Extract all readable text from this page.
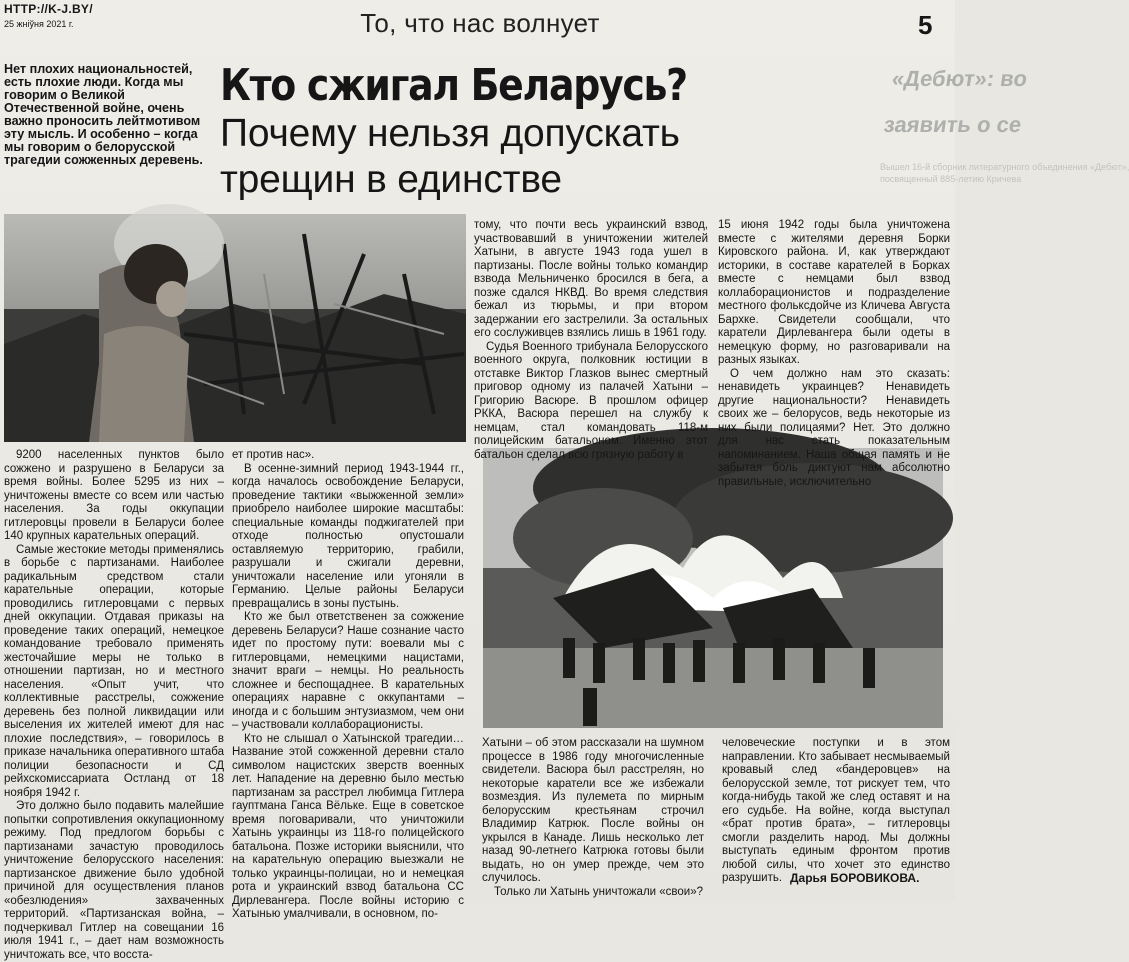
HTTP://K-J.BY/
25 жніўня 2021 г.	То, что нас волнует	5
«Дебют»: во
заявить о се
Вышел 16-й сборник литературного объединения «Дебют»,
посвященный 885-летию Кричева
Нет плохих национальностей, есть плохие люди. Когда мы говорим о Великой Отечественной войне, очень важно проносить лейтмотивом эту мысль. И особенно – когда мы говорим о белорусской трагедии сожженных деревень.
Кто сжигал Беларусь?
Почему нельзя допускать
трещин в единстве

9200 населенных пунктов было сожжено и разрушено в Беларуси за время войны. Более 5295 из них – уничтожены вместе со всем или частью населения. За годы оккупации гитлеровцы провели в Беларуси более 140 крупных карательных операций.

Самые жестокие методы применялись в борьбе с партизанами. Наиболее радикальным средством стали карательные операции, которые проводились гитлеровцами с первых дней оккупации. Отдавая приказы на проведение таких операций, немецкое командование требовало применять жесточайшие меры не только в отношении партизан, но и местного населения. «Опыт учит, что коллективные расстрелы, сожжение деревень без полной ликвидации или выселения их жителей имеют для нас плохие последствия», – говорилось в приказе начальника оперативного штаба полиции безопасности и СД рейхскомиссариата Остланд от 18 ноября 1942 г.

Это должно было подавить малейшие попытки сопротивления оккупационному режиму. Под предлогом борьбы с партизанами зачастую проводилось уничтожение белорусского населения: партизанское движение было удобной причиной для осуществления планов «обезлюдения» захваченных территорий. «Партизанская война, – подчеркивал Гитлер на совещании 16 июля 1941 г., – дает нам возможность уничтожать все, что восста-

ет против нас».

В осенне-зимний период 1943-1944 гг., когда началось освобождение Беларуси, проведение тактики «выжженной земли» приобрело наиболее широкие масштабы: специальные команды поджигателей при отходе полностью опустошали оставляемую территорию, грабили, разрушали и сжигали деревни, уничтожали население или угоняли в Германию. Целые районы Беларуси превращались в зоны пустынь.

Кто же был ответственен за сожжение деревень Беларуси? Наше сознание часто идет по простому пути: воевали мы с гитлеровцами, немецкими нацистами, значит враги – немцы. Но реальность сложнее и беспощаднее. В карательных операциях наравне с оккупантами – иногда и с большим энтузиазмом, чем они – участвовали коллаборационисты.

Кто не слышал о Хатынской трагедии… Название этой сожженной деревни стало символом нацистских зверств военных лет. Нападение на деревню было местью партизанам за расстрел любимца Гитлера гауптмана Ганса Вёльке. Еще в советское время поговаривали, что уничтожили Хатынь украинцы из 118-го полицейского батальона. Позже историки выяснили, что на карательную операцию выезжали не только украинцы-полицаи, но и немецкая рота и украинский взвод батальона СС Дирлевангера. После войны историю с Хатынью умалчивали, в основном, по-

тому, что почти весь украинский взвод, участвовавший в уничтожении жителей Хатыни, в августе 1943 года ушел в партизаны. После войны только командир взвода Мельниченко бросился в бега, а позже сдался НКВД. Во время следствия бежал из тюрьмы, и при втором задержании его застрелили. За остальных его сослуживцев взялись лишь в 1961 году.

Судья Военного трибунала Белорусского военного округа, полковник юстиции в отставке Виктор Глазков вынес смертный приговор одному из палачей Хатыни – Григорию Васюре. В прошлом офицер РККА, Васюра перешел на службу к немцам, стал командовать 118-м полицейским батальоном. Именно этот батальон сделал всю грязную работу в

15 июня 1942 годы была уничтожена вместе с жителями деревня Борки Кировского района. И, как утверждают историки, в составе карателей в Борках вместе с немцами был взвод коллаборационистов и подразделение местного фольксдойче из Кличева Августа Бархке. Свидетели сообщали, что каратели Дирлевангера были одеты в немецкую форму, но разговаривали на разных языках.

О чем должно нам это сказать: ненавидеть украинцев? Ненавидеть другие национальности? Ненавидеть своих же – белорусов, ведь некоторые из них были полицаями? Нет. Это должно для нас стать показательным напоминанием. Наша общая память и не забытая боль диктуют нам абсолютно правильные, исключительно

Хатыни – об этом рассказали на шумном процессе в 1986 году многочисленные свидетели. Васюра был расстрелян, но некоторые каратели все же избежали возмездия. Из пулемета по мирным белорусским крестьянам строчил Владимир Катрюк. После войны он укрылся в Канаде. Лишь несколько лет назад 90-летнего Катрюка готовы были выдать, но он умер прежде, чем это случилось.

Только ли Хатынь уничтожали «свои»?

человеческие поступки и в этом направлении. Кто забывает несмываемый кровавый след «бандеровцев» на белорусской земле, тот рискует тем, что когда-нибудь такой же след оставят и на его судьбе. На войне, когда выступал «брат против брата», – гитлеровцы смогли разделить народ. Мы должны выступать единым фронтом против любой силы, что хочет это единство разрушить. Дарья БОРОВИКОВА.
